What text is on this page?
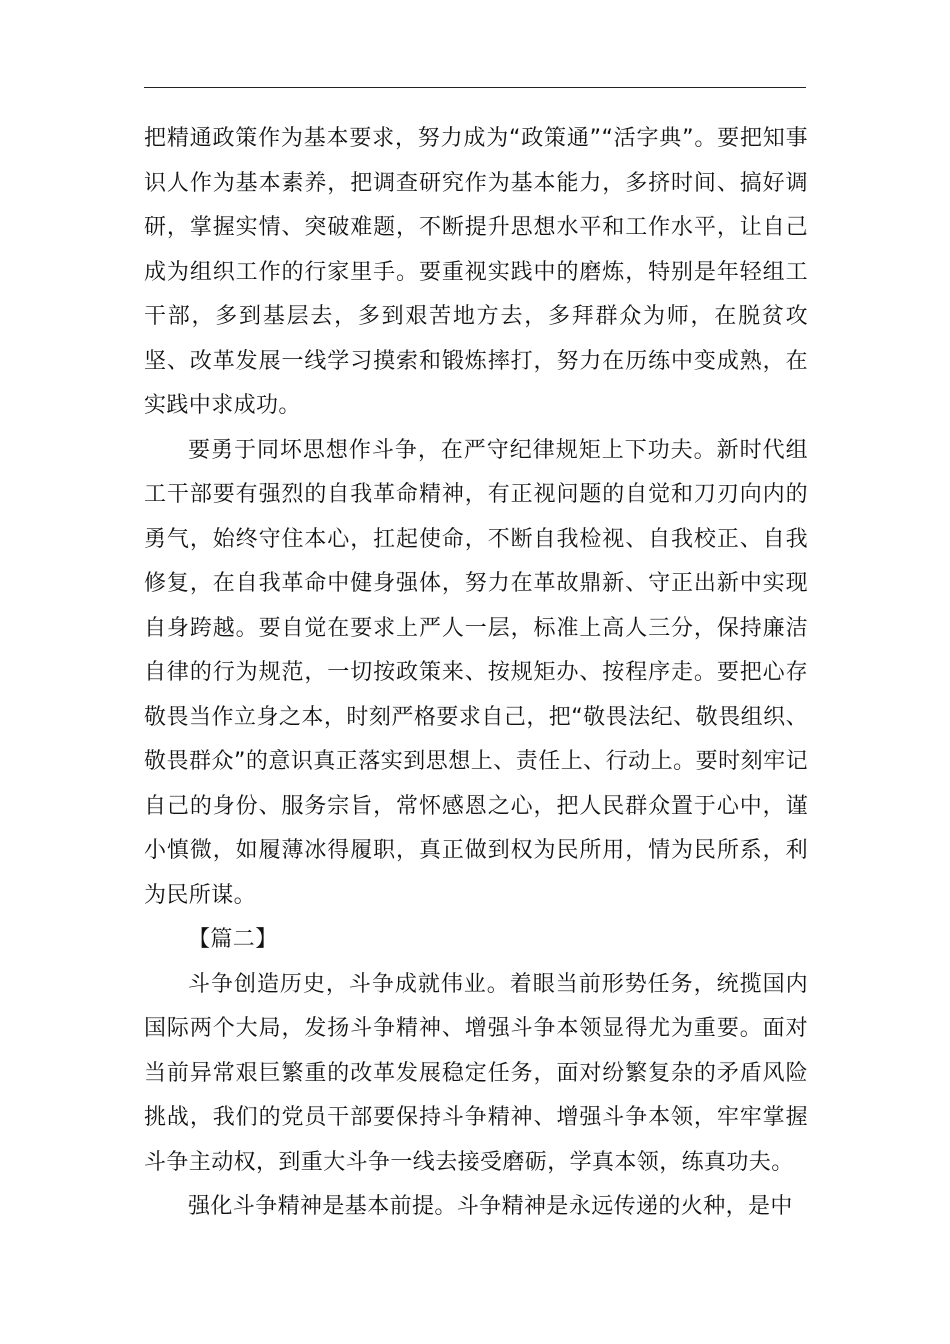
把精通政策作为基本要求，努力成为“政策通”“活字典”。要把知事识人作为基本素养，把调查研究作为基本能力，多挤时间、搞好调研，掌握实情、突破难题，不断提升思想水平和工作水平，让自己成为组织工作的行家里手。要重视实践中的磨炼，特别是年轻组工干部，多到基层去，多到艰苦地方去，多拜群众为师，在脱贫攻坚、改革发展一线学习摸索和锻炼摔打，努力在历练中变成熟，在实践中求成功。

要勇于同坏思想作斗争，在严守纪律规矩上下功夫。新时代组工干部要有强烈的自我革命精神，有正视问题的自觉和刀刃向内的勇气，始终守住本心，扛起使命，不断自我检视、自我校正、自我修复，在自我革命中健身强体，努力在革故鼎新、守正出新中实现自身跨越。要自觉在要求上严人一层，标准上高人三分，保持廉洁自律的行为规范，一切按政策来、按规矩办、按程序走。要把心存敬畏当作立身之本，时刻严格要求自己，把“敬畏法纪、敬畏组织、敬畏群众”的意识真正落实到思想上、责任上、行动上。要时刻牢记自己的身份、服务宗旨，常怀感恩之心，把人民群众置于心中，谨小慎微，如履薄冰得履职，真正做到权为民所用，情为民所系，利为民所谋。

【篇二】

斗争创造历史，斗争成就伟业。着眼当前形势任务，统揽国内国际两个大局，发扬斗争精神、增强斗争本领显得尤为重要。面对当前异常艰巨繁重的改革发展稳定任务，面对纷繁复杂的矛盾风险挑战，我们的党员干部要保持斗争精神、增强斗争本领，牢牢掌握斗争主动权，到重大斗争一线去接受磨砺，学真本领，练真功夫。

强化斗争精神是基本前提。斗争精神是永远传递的火种，是中
